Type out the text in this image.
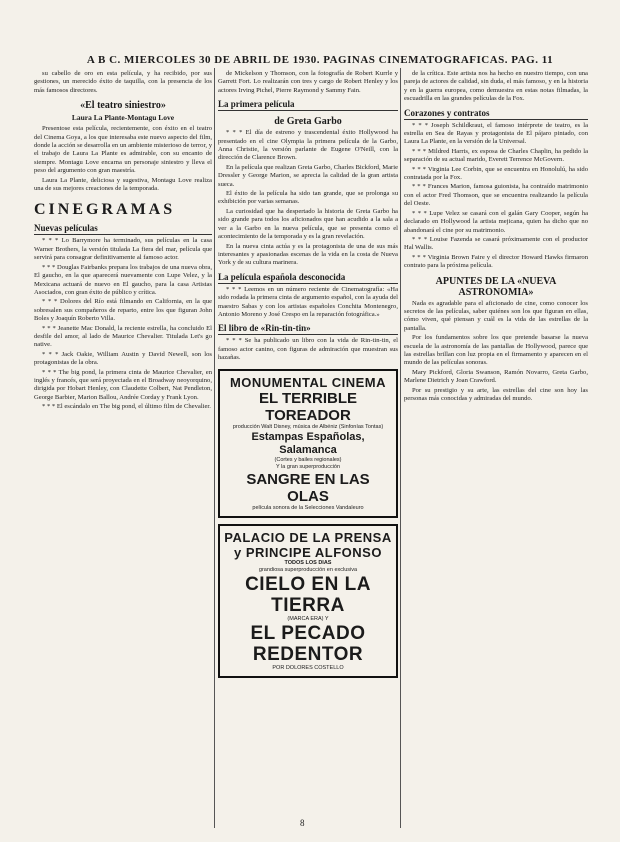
A B C. MIERCOLES 30 DE ABRIL DE 1930. PAGINAS CINEMATOGRAFICAS. PAG. 11

su cabello de oro en esta película, y ha recibido, por sus gestiones, un merecido éxito de taquilla, con la presencia de los más famosos directores.

«El teatro siniestro»
Laura La Plante-Montagu Love

Presentose esta película, recientemente, con éxito en el teatro del Cinema Goya, a los que interesaba este nuevo aspecto del film, donde la acción se desarrolla en un ambiente misterioso de terror, y el trabajo de Laura La Plante es admirable, con su encanto de siempre. Montagu Love encarna un personaje siniestro y lleva el peso del argumento con gran maestría.

Laura La Plante, deliciosa y sugestiva, Montagu Love realiza una de sus mejores creaciones de la temporada.

CINEGRAMAS
Nuevas películas

* * * Lo Barrymore ha terminado, sus películas en la casa Warner Brothers, la versión titulada La fiera del mar, película que servirá para consagrar definitivamente al famoso actor.

* * * Douglas Fairbanks prepara los trabajos de una nueva obra, El gaucho, en la que aparecerá nuevamente con Lupe Velez, y la Mexicana actuará de nuevo en El gaucho, para la casa Artistas Asociados, con gran éxito de público y crítica.

* * * Dolores del Río está filmando en California, en la que sobresalen sus compañeros de reparto, entre los que figuran John Boles y Joaquín Roberto Villa.

* * * Jeanette Mac Donald, la reciente estrella, ha concluido El desfile del amor, al lado de Maurice Chevalier. Titulada Let's go native.

* * * Jack Oakie, William Austin y David Newell, son los protagonistas de la obra.

* * * The big pond, la primera cinta de Maurice Chevalier, en inglés y francés, que será proyectada en el Broadway neoyorquino, dirigida por Hobart Henley, con Claudette Colbert, Nat Pendleton, George Barbier, Marion Ballou, Andrée Corday y Frank Lyon.

* * * El escándalo en The big pond, el último film de Chevalier.

de Mickelson y Thomson, con la fotografía de Robert Kurrle y Garrett Fort. Lo realizarán con tres y cargo de Robert Henley y los actores Irving Pichel, Pierre Raymond y Sammy Fain.

La primera película
de Greta Garbo

* * * El día de estreno y trascendental éxito Hollywood ha presentado en el cine Olympia la primera película de la Garbo, Anna Christie, la versión parlante de Eugene O'Neill, con la dirección de Clarence Brown.

En la película que realizan Greta Garbo, Charles Bickford, Marie Dressler y George Marion, se aprecia la calidad de la gran artista sueca.

El éxito de la película ha sido tan grande, que se prolonga su exhibición por varias semanas.

La curiosidad que ha despertado la historia de Greta Garbo ha sido grande para todos los aficionados que han acudido a la sala a ver a la Garbo en la nueva película, que se presenta como el acontecimiento de la temporada y es la gran revelación.

En la nueva cinta actúa y es la protagonista de una de sus más interesantes y apasionadas escenas de la vida en la costa de Nueva York y de su cultura marinera.

La película española desconocida

* * * Leemos en un número reciente de Cinematografía: «Ha sido rodada la primera cinta de argumento español, con la ayuda del maestro Sabas y con los artistas españoles Conchita Montenegro, Antonio Moreno y José Crespo en la reparación fotográfica.»

El libro de «Rin-tin-tin»

* * * Se ha publicado un libro con la vida de Rin-tin-tin, el famoso actor canino, con figuras de admiración que muestran sus hazañas.

MONUMENTAL CINEMA
EL TERRIBLE TOREADOR
producción Walt Disney, música de Albéniz (Sinfonías Tontas)
Estampas Españolas, Salamanca
(Cortes y bailes regionales)
Y la gran superproducción
SANGRE EN LAS OLAS
película sonora de la Selecciones Vandaleuro
PALACIO DE LA PRENSA y PRINCIPE ALFONSO
TODOS LOS DIAS
grandiosa superproducción en exclusiva
CIELO EN LA TIERRA
(MARCA ERA) Y
EL PECADO REDENTOR
POR DOLORES COSTELLO

de la crítica. Este artista nos ha hecho en nuestro tiempo, con una pareja de actores de calidad, sin duda, el más famoso, y en la historia y en la guerra europea, como demuestra en estas notas filmadas, la escuadrilla en las grandes películas de la Fox.

Corazones y contratos

* * * Joseph Schildkraut, el famoso intérprete de teatro, es la estrella en Sea de Rayas y protagonista de El pájaro pintado, con Laura La Plante, en la versión de la Universal.

* * * Mildred Harris, ex esposa de Charles Chaplin, ha pedido la separación de su actual marido, Everett Terrence McGovern.

* * * Virginia Lee Corbin, que se encuentra en Honolulú, ha sido contratada por la Fox.

* * * Frances Marion, famosa guionista, ha contraído matrimonio con el actor Fred Thomson, que se encuentra realizando la película del Oeste.

* * * Lupe Velez se casará con el galán Gary Cooper, según ha declarado en Hollywood la artista mejicana, quien ha dicho que no abandonará el cine por su matrimonio.

* * * Louise Fazenda se casará próximamente con el productor Hal Wallis.

* * * Virginia Brown Faire y el director Howard Hawks firmaron contrato para la próxima película.

APUNTES DE LA «NUEVA ASTRONOMIA»

Nada es agradable para el aficionado de cine, como conocer los secretos de las películas, saber quiénes son los que figuran en ellas, cómo viven, qué piensan y cuál es la vida de las estrellas de la pantalla.

Por los fundamentos sobre los que pretende basarse la nueva escuela de la astronomía de las pantallas de Hollywood, parece que las estrellas brillan con luz propia en el firmamento y aparecen en el mundo de las películas sonoras.

Mary Pickford, Gloria Swanson, Ramón Novarro, Greta Garbo, Marlene Dietrich y Joan Crawford.

Por su prestigio y su arte, las estrellas del cine son hoy las personas más conocidas y admiradas del mundo.

8
